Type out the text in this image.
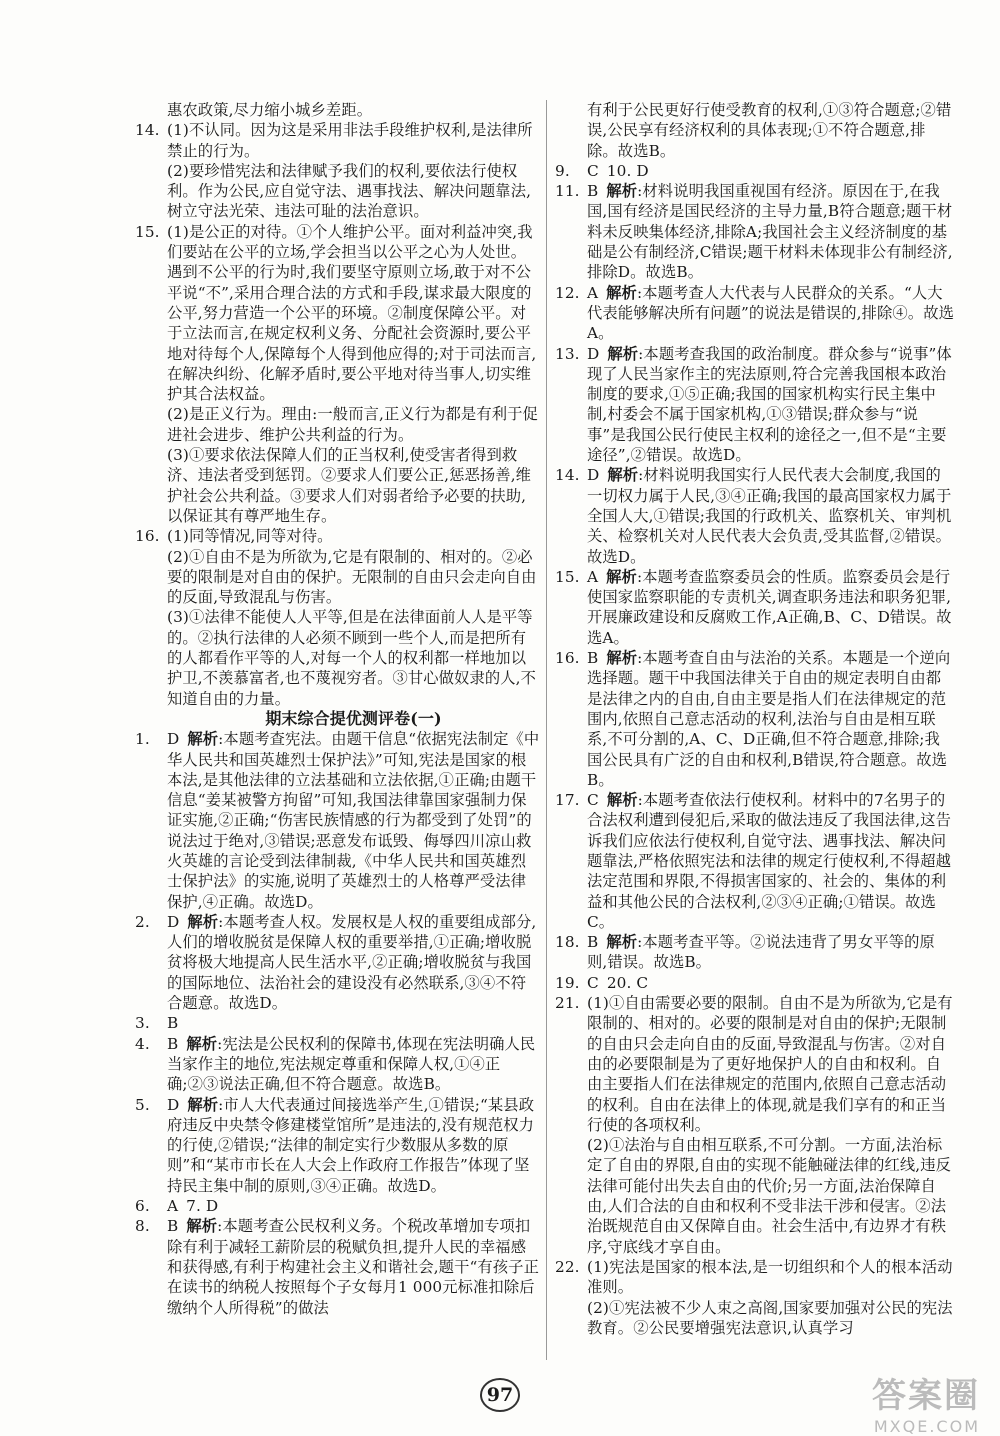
惠农政策,尽力缩小城乡差距。

14. (1)不认同。因为这是采用非法手段维护权利,是法律所禁止的行为。

(2)要珍惜宪法和法律赋予我们的权利,要依法行使权利。作为公民,应自觉守法、遇事找法、解决问题靠法,树立守法光荣、违法可耻的法治意识。

15. (1)是公正的对待。①个人维护公平。面对利益冲突,我们要站在公平的立场,学会担当以公平之心为人处世。遇到不公平的行为时,我们要坚守原则立场,敢于对不公平说“不”,采用合理合法的方式和手段,谋求最大限度的公平,努力营造一个公平的环境。②制度保障公平。对于立法而言,在规定权利义务、分配社会资源时,要公平地对待每个人,保障每个人得到他应得的;对于司法而言,在解决纠纷、化解矛盾时,要公平地对待当事人,切实维护其合法权益。

(2)是正义行为。理由:一般而言,正义行为都是有利于促进社会进步、维护公共利益的行为。

(3)①要求依法保障人们的正当权利,使受害者得到救济、违法者受到惩罚。②要求人们要公正,惩恶扬善,维护社会公共利益。③要求人们对弱者给予必要的扶助,以保证其有尊严地生存。

16. (1)同等情况,同等对待。

(2)①自由不是为所欲为,它是有限制的、相对的。②必要的限制是对自由的保护。无限制的自由只会走向自由的反面,导致混乱与伤害。

(3)①法律不能使人人平等,但是在法律面前人人是平等的。②执行法律的人必须不顾到一些个人,而是把所有的人都看作平等的人,对每一个人的权利都一样地加以护卫,不羡慕富者,也不蔑视穷者。③甘心做奴隶的人,不知道自由的力量。

期末综合提优测评卷(一)

1. D 解析:本题考查宪法。由题干信息“依据宪法制定《中华人民共和国英雄烈士保护法》”可知,宪法是国家的根本法,是其他法律的立法基础和立法依据,①正确;由题干信息“姜某被警方拘留”可知,我国法律靠国家强制力保证实施,②正确;“伤害民族情感的行为都受到了处罚”的说法过于绝对,③错误;恶意发布诋毁、侮辱四川凉山救火英雄的言论受到法律制裁,《中华人民共和国英雄烈士保护法》的实施,说明了英雄烈士的人格尊严受法律保护,④正确。故选D。

2. D 解析:本题考查人权。发展权是人权的重要组成部分,人们的增收脱贫是保障人权的重要举措,①正确;增收脱贫将极大地提高人民生活水平,②正确;增收脱贫与我国的国际地位、法治社会的建设没有必然联系,③④不符合题意。故选D。

3. B

4. B 解析:宪法是公民权利的保障书,体现在宪法明确人民当家作主的地位,宪法规定尊重和保障人权,①④正确;②③说法正确,但不符合题意。故选B。

5. D 解析:市人大代表通过间接选举产生,①错误;“某县政府违反中央禁令修建楼堂馆所”是违法的,没有规范权力的行使,②错误;“法律的制定实行少数服从多数的原则”和“某市市长在人大会上作政府工作报告”体现了坚持民主集中制的原则,③④正确。故选D。

6. A 7. D

8. B 解析:本题考查公民权利义务。个税改革增加专项扣除有利于减轻工薪阶层的税赋负担,提升人民的幸福感和获得感,有利于构建社会主义和谐社会,题干“有孩子正在读书的纳税人按照每个子女每月1 000元标准扣除后缴纳个人所得税”的做法

有利于公民更好行使受教育的权利,①③符合题意;②错误,公民享有经济权利的具体表现;①不符合题意,排除。故选B。

9. C 10. D

11. B 解析:材料说明我国重视国有经济。原因在于,在我国,国有经济是国民经济的主导力量,B符合题意;题干材料未反映集体经济,排除A;我国社会主义经济制度的基础是公有制经济,C错误;题干材料未体现非公有制经济,排除D。故选B。

12. A 解析:本题考查人大代表与人民群众的关系。“人大代表能够解决所有问题”的说法是错误的,排除④。故选A。

13. D 解析:本题考查我国的政治制度。群众参与“说事”体现了人民当家作主的宪法原则,符合完善我国根本政治制度的要求,①⑤正确;我国的国家机构实行民主集中制,村委会不属于国家机构,①③错误;群众参与“说事”是我国公民行使民主权利的途径之一,但不是“主要途径”,②错误。故选D。

14. D 解析:材料说明我国实行人民代表大会制度,我国的一切权力属于人民,③④正确;我国的最高国家权力属于全国人大,①错误;我国的行政机关、监察机关、审判机关、检察机关对人民代表大会负责,受其监督,②错误。故选D。

15. A 解析:本题考查监察委员会的性质。监察委员会是行使国家监察职能的专责机关,调查职务违法和职务犯罪,开展廉政建设和反腐败工作,A正确,B、C、D错误。故选A。

16. B 解析:本题考查自由与法治的关系。本题是一个逆向选择题。题干中我国法律关于自由的规定表明自由都是法律之内的自由,自由主要是指人们在法律规定的范围内,依照自己意志活动的权利,法治与自由是相互联系,不可分割的,A、C、D正确,但不符合题意,排除;我国公民具有广泛的自由和权利,B错误,符合题意。故选B。

17. C 解析:本题考查依法行使权利。材料中的7名男子的合法权利遭到侵犯后,采取的做法违反了我国法律,这告诉我们应依法行使权利,自觉守法、遇事找法、解决问题靠法,严格依照宪法和法律的规定行使权利,不得超越法定范围和界限,不得损害国家的、社会的、集体的利益和其他公民的合法权利,②③④正确;①错误。故选C。

18. B 解析:本题考查平等。②说法违背了男女平等的原则,错误。故选B。

19. C 20. C

21. (1)①自由需要必要的限制。自由不是为所欲为,它是有限制的、相对的。必要的限制是对自由的保护;无限制的自由只会走向自由的反面,导致混乱与伤害。②对自由的必要限制是为了更好地保护人的自由和权利。自由主要指人们在法律规定的范围内,依照自己意志活动的权利。自由在法律上的体现,就是我们享有的和正当行使的各项权利。

(2)①法治与自由相互联系,不可分割。一方面,法治标定了自由的界限,自由的实现不能触碰法律的红线,违反法律可能付出失去自由的代价;另一方面,法治保障自由,人们合法的自由和权利不受非法干涉和侵害。②法治既规范自由又保障自由。社会生活中,有边界才有秩序,守底线才享自由。

22. (1)宪法是国家的根本法,是一切组织和个人的根本活动准则。

(2)①宪法被不少人束之高阁,国家要加强对公民的宪法教育。②公民要增强宪法意识,认真学习

97	答案圈
MXQE.COM
